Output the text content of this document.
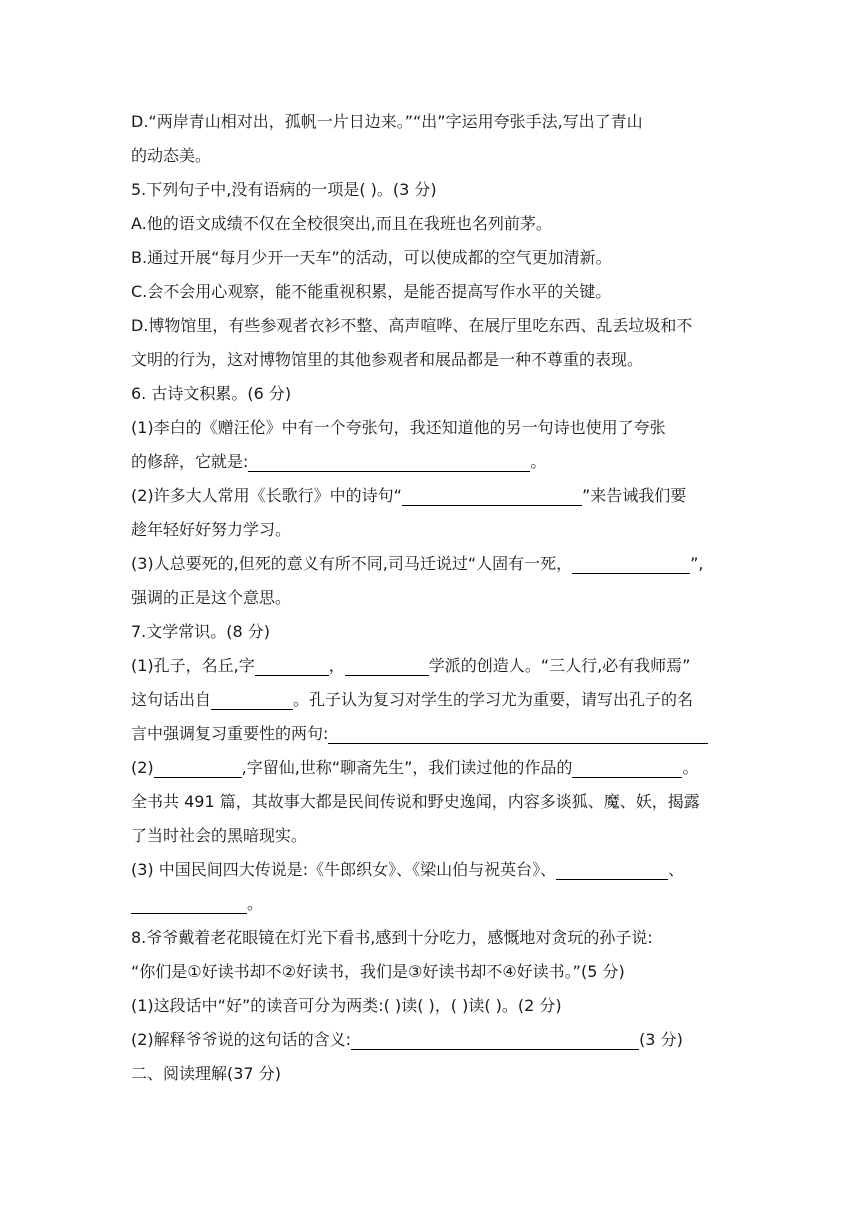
D.“两岸青山相对出，孤帆一片日边来。”“出”字运用夸张手法,写出了青山
的动态美。
5.下列句子中,没有语病的一项是( )。(3 分)
A.他的语文成绩不仅在全校很突出,而且在我班也名列前茅。
B.通过开展“每月少开一天车”的活动，可以使成都的空气更加清新。
C.会不会用心观察，能不能重视积累，是能否提高写作水平的关键。
D.博物馆里，有些参观者衣衫不整、高声喧哗、在展厅里吃东西、乱丢垃圾和不
文明的行为，这对博物馆里的其他参观者和展品都是一种不尊重的表现。
6. 古诗文积累。(6 分)
(1)李白的《赠汪伦》中有一个夸张句，我还知道他的另一句诗也使用了夸张
的修辞，它就是:	。
(2)许多大人常用《长歌行》中的诗句“	”来告诫我们要
趁年轻好好努力学习。
(3)人总要死的,但死的意义有所不同,司马迁说过“人固有一死，	”,
强调的正是这个意思。
7.文学常识。(8 分)
(1)孔子，名丘,字	，	学派的创造人。“三人行,必有我师焉”
这句话出自	。孔子认为复习对学生的学习尤为重要，请写出孔子的名
言中强调复习重要性的两句:
(2)	,字留仙,世称“聊斋先生”，我们读过他的作品的	。
全书共 491 篇，其故事大都是民间传说和野史逸闻，内容多谈狐、魔、妖，揭露
了当时社会的黑暗现实。
(3) 中国民间四大传说是:《牛郎织女》、《梁山伯与祝英台》、	、
。
8.爷爷戴着老花眼镜在灯光下看书,感到十分吃力，感慨地对贪玩的孙子说:
“你们是①好读书却不②好读书，我们是③好读书却不④好读书。”(5 分)
(1)这段话中“好”的读音可分为两类:( )读( )，( )读( )。(2 分)
(2)解释爷爷说的这句话的含义:	(3 分)
二、阅读理解(37 分)
